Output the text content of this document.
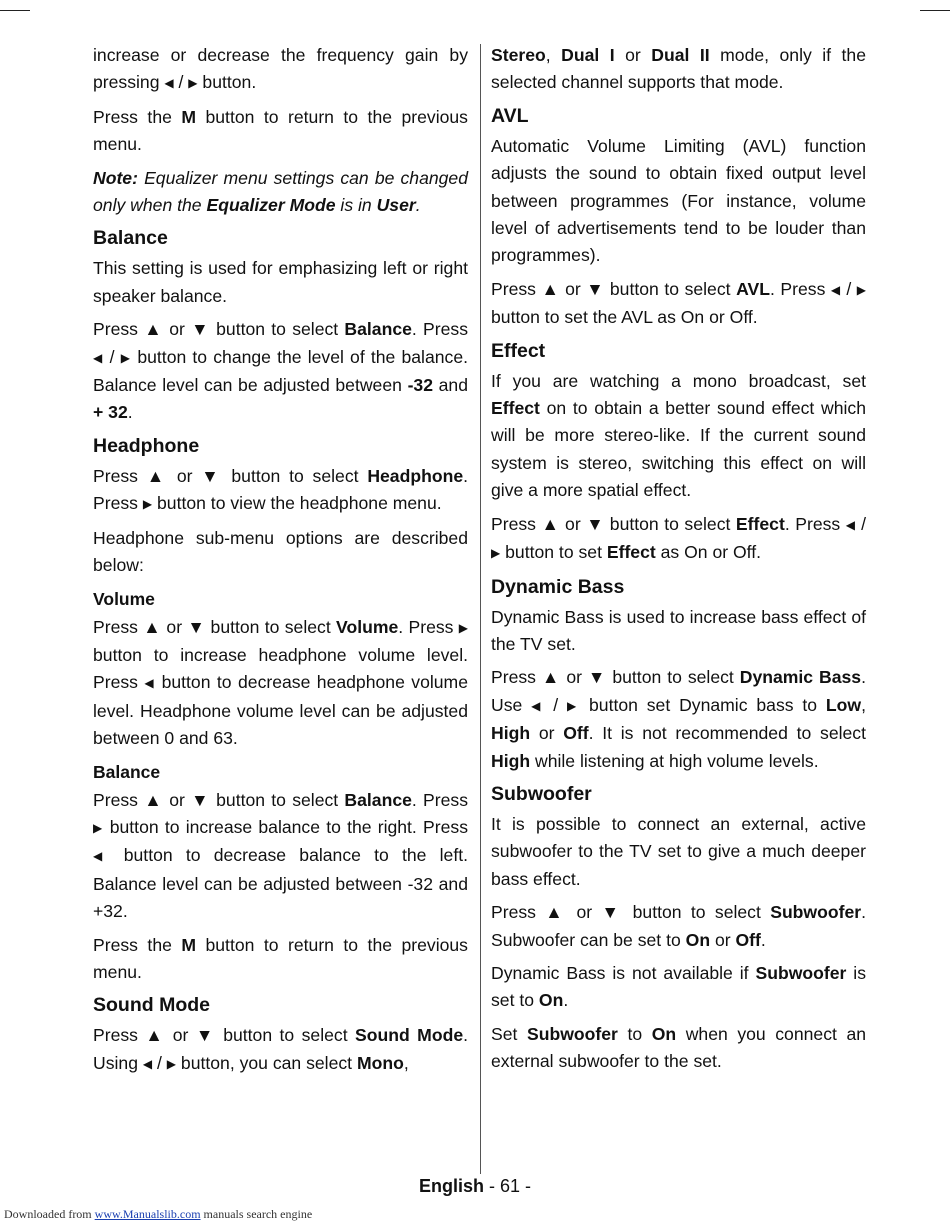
increase or decrease the frequency gain by pressing ◀ / ▶ button.

Press the M button to return to the previous menu.

Note: Equalizer menu settings can be changed only when the Equalizer Mode is in User.
Balance

This setting is used for emphasizing left or right speaker balance.

Press ▲ or ▼ button to select Balance. Press ◀ / ▶ button to change the level of the balance. Balance level can be adjusted between -32 and + 32.

Headphone

Press ▲ or ▼ button to select Headphone. Press ▶ button to view the headphone menu.

Headphone sub-menu options are described below:

Volume

Press ▲ or ▼ button to select Volume. Press ▶ button to increase headphone volume level. Press ◀ button to decrease headphone volume level. Headphone volume level can be adjusted between 0 and 63.

Balance

Press ▲ or ▼ button to select Balance. Press ▶ button to increase balance to the right. Press ◀ button to decrease balance to the left. Balance level can be adjusted between -32 and +32.

Press the M button to return to the previous menu.

Sound Mode

Press ▲ or ▼ button to select Sound Mode. Using ◀ / ▶ button, you can select Mono,

Stereo, Dual I or Dual II mode, only if the selected channel supports that mode.

AVL

Automatic Volume Limiting (AVL) function adjusts the sound to obtain fixed output level between programmes (For instance, volume level of advertisements tend to be louder than programmes).

Press ▲ or ▼ button to select AVL. Press ◀ / ▶ button to set the AVL as On or Off.

Effect

If you are watching a mono broadcast, set Effect on to obtain a better sound effect which will be more stereo-like. If the current sound system is stereo, switching this effect on will give a more spatial effect.

Press ▲ or ▼ button to select Effect. Press ◀ / ▶ button to set Effect as On or Off.

Dynamic Bass

Dynamic Bass is used to increase bass effect of the TV set.

Press ▲ or ▼ button to select Dynamic Bass. Use ◀ / ▶ button set Dynamic bass to Low, High or Off. It is not recommended to select High while listening at high volume levels.

Subwoofer

It is possible to connect an external, active subwoofer to the TV set to give a much deeper bass effect.

Press ▲ or ▼ button to select Subwoofer. Subwoofer can be set to On or Off.

Dynamic Bass is not available if Subwoofer is set to On.

Set Subwoofer to On when you connect an external subwoofer to the set.

English - 61 -
Downloaded from www.Manualslib.com manuals search engine
